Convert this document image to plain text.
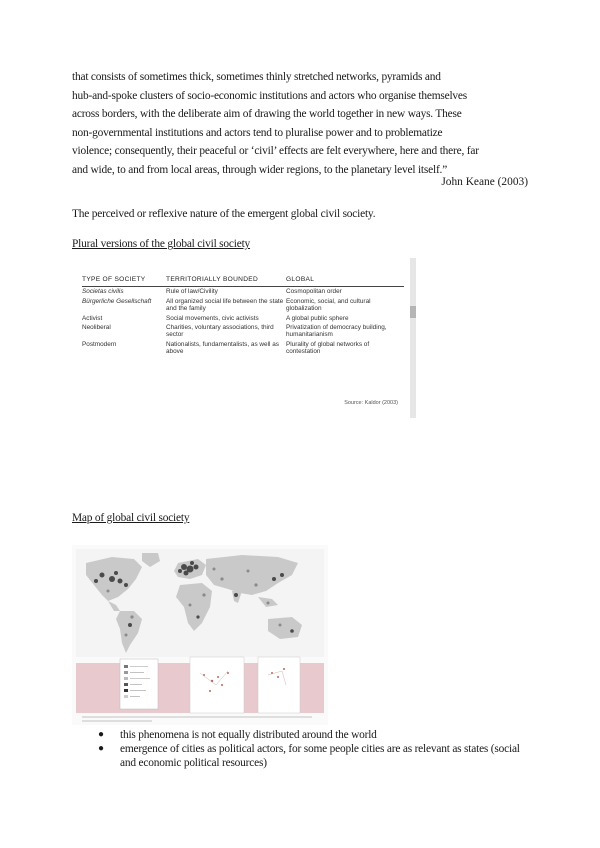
that consists of sometimes thick, sometimes thinly stretched networks, pyramids and

hub-and-spoke clusters of socio-economic institutions and actors who organise themselves

across borders, with the deliberate aim of drawing the world together in new ways. These

non-governmental institutions and actors tend to pluralise power and to problematize

violence; consequently, their peaceful or ‘civil’ effects are felt everywhere, here and there, far

and wide, to and from local areas, through wider regions, to the planetary level itself.”

John Keane (2003)
The perceived or reflexive nature of the emergent global civil society.
Plural versions of the global civil society
TYPE OF SOCIETY	TERRITORIALLY BOUNDED	GLOBAL
Societas civilis	Rule of law/Civility	Cosmopolitan order
Bürgerliche Gesellschaft	All organized social life between the state and the family	Economic, social, and cultural globalization
Activist	Social movements, civic activists	A global public sphere
Neoliberal	Charities, voluntary associations, third sector	Privatization of democracy building, humanitarianism
Postmodern	Nationalists, fundamentalists, as well as above	Plurality of global networks of contestation
Source: Kaldor (2003)
Map of global civil society
● this phenomena is not equally distributed around the world
● emergence of cities as political actors, for some people cities are as relevant as states (social and economic political resources)
